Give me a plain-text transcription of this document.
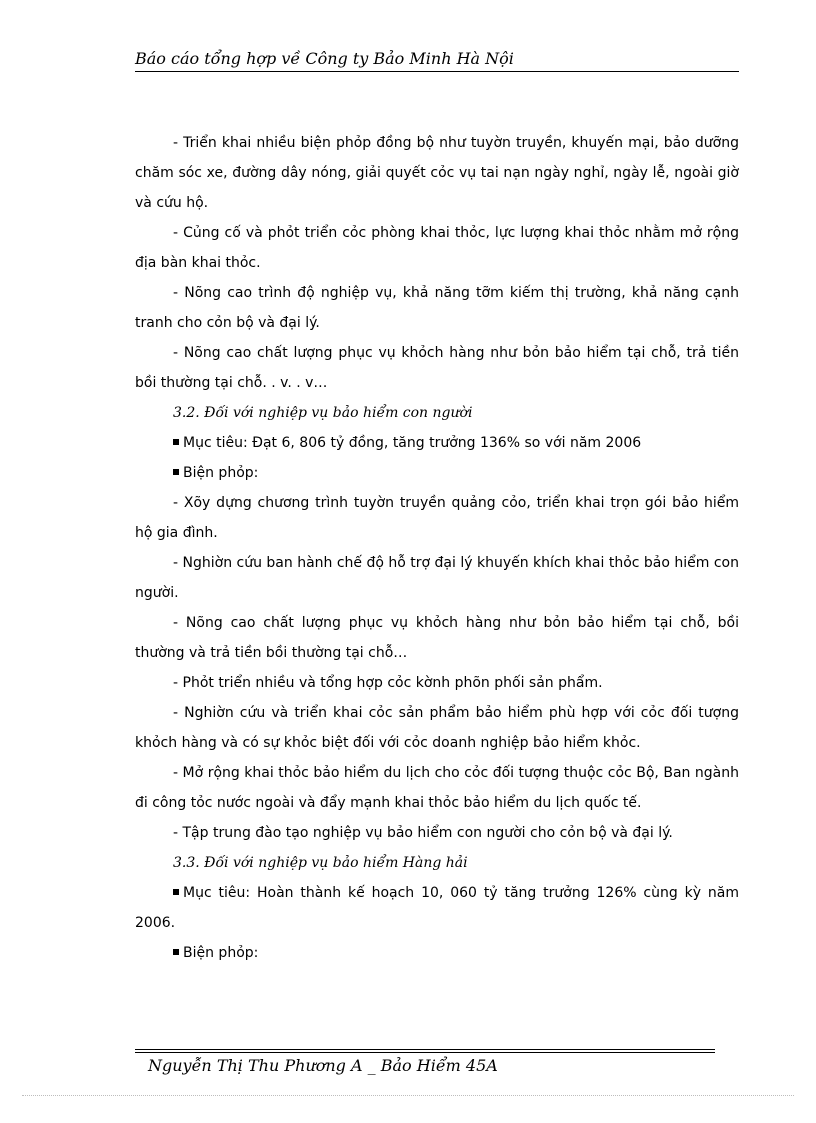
Báo cáo tổng hợp về Công ty Bảo Minh Hà Nội

- Triển khai nhiều biện phỏp đồng bộ như tuyờn truyền, khuyến mại, bảo dưỡng chăm sóc xe, đường dây nóng, giải quyết cỏc vụ tai nạn ngày nghỉ, ngày lễ, ngoài giờ và cứu hộ.

- Củng cố và phỏt triển cỏc phòng khai thỏc, lực lượng khai thỏc nhằm mở rộng địa bàn khai thỏc.

- Nõng cao trình độ nghiệp vụ, khả năng tỡm kiếm thị trường, khả năng cạnh tranh cho cỏn bộ và đại lý.

- Nõng cao chất lượng phục vụ khỏch hàng như bỏn bảo hiểm tại chỗ, trả tiền bồi thường tại chỗ. . v. . v…

3.2. Đối với nghiệp vụ bảo hiểm con người

Mục tiêu: Đạt 6, 806 tỷ đồng, tăng trưởng 136% so với năm 2006

Biện phỏp:

- Xõy dựng chương trình tuyờn truyền quảng cỏo, triển khai trọn gói bảo hiểm hộ gia đình.

- Nghiờn cứu ban hành chế độ hỗ trợ đại lý khuyến khích khai thỏc bảo hiểm con người.

- Nõng cao chất lượng phục vụ khỏch hàng như bỏn bảo hiểm tại chỗ, bồi thường và trả tiền bồi thường tại chỗ…

- Phỏt triển nhiều và tổng hợp cỏc kờnh phõn phối sản phẩm.

- Nghiờn cứu và triển khai cỏc sản phẩm bảo hiểm phù hợp với cỏc đối tượng khỏch hàng và có sự khỏc biệt đối với cỏc doanh nghiệp bảo hiểm khỏc.

- Mở rộng khai thỏc bảo hiểm du lịch cho cỏc đối tượng thuộc cỏc Bộ, Ban ngành đi công tỏc nước ngoài và đẩy mạnh khai thỏc bảo hiểm du lịch quốc tế.

- Tập trung đào tạo nghiệp vụ bảo hiểm con người cho cỏn bộ và đại lý.

3.3. Đối với nghiệp vụ bảo hiểm Hàng hải

Mục tiêu: Hoàn thành kế hoạch 10, 060 tỷ tăng trưởng 126% cùng kỳ năm 2006.

Biện phỏp:

Nguyễn Thị Thu Phương A _ Bảo Hiểm 45A
